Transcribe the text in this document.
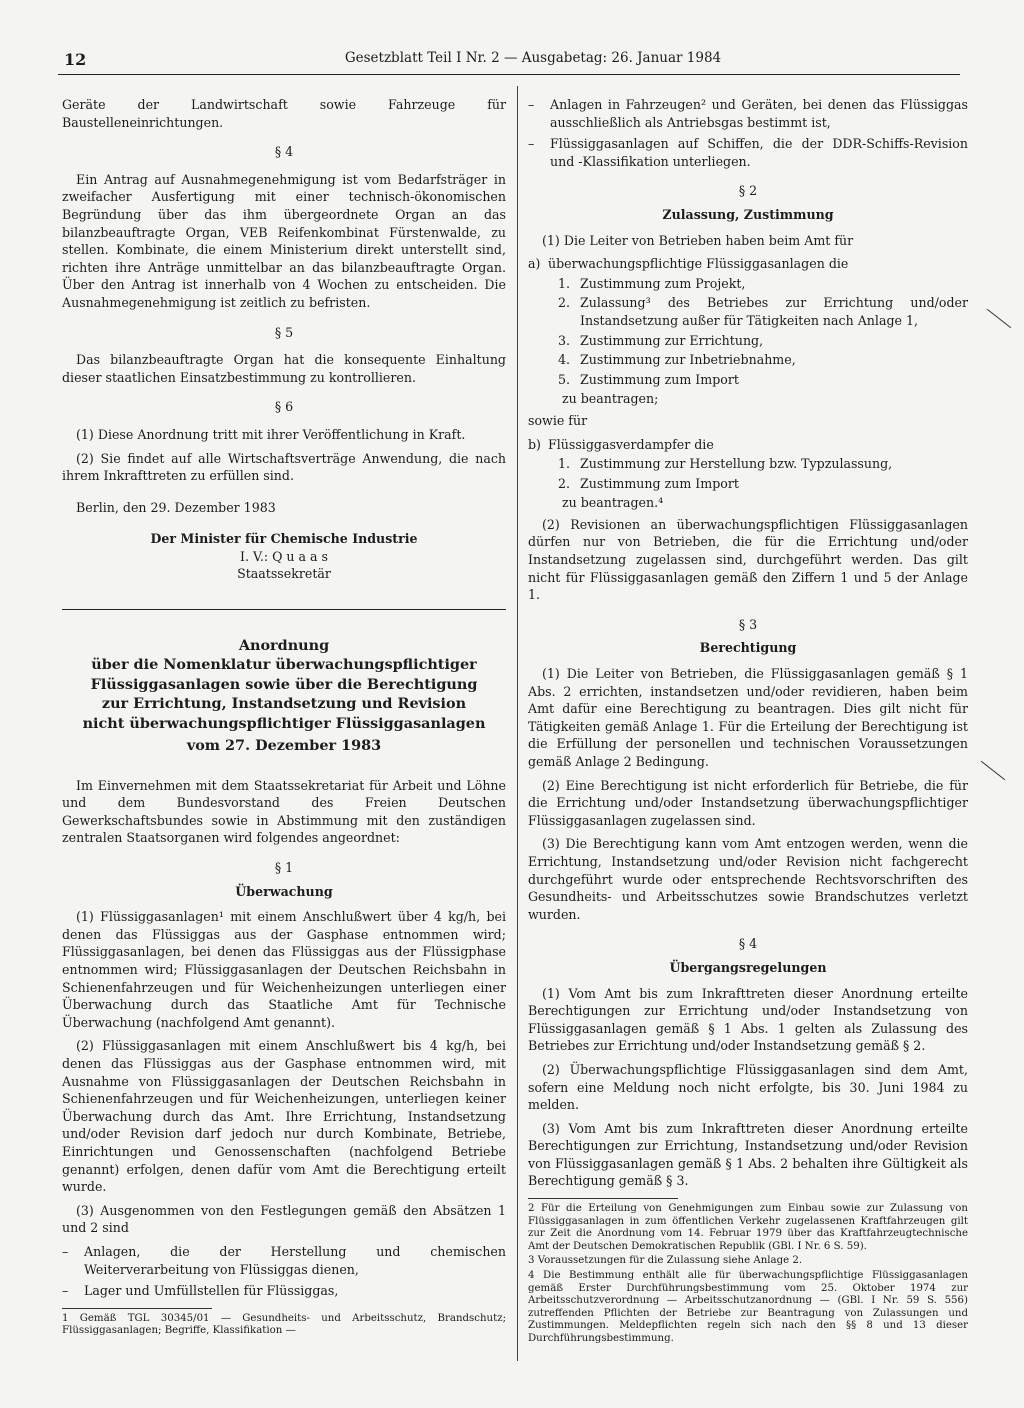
12	Gesetzblatt Teil I Nr. 2 — Ausgabetag: 26. Januar 1984

Geräte der Landwirtschaft sowie Fahrzeuge für Baustelleneinrichtungen.

§ 4

Ein Antrag auf Ausnahmegenehmigung ist vom Bedarfsträger in zweifacher Ausfertigung mit einer technisch-ökonomischen Begründung über das ihm übergeordnete Organ an das bilanzbeauftragte Organ, VEB Reifenkombinat Fürstenwalde, zu stellen. Kombinate, die einem Ministerium direkt unterstellt sind, richten ihre Anträge unmittelbar an das bilanzbeauftragte Organ. Über den Antrag ist innerhalb von 4 Wochen zu entscheiden. Die Ausnahmegenehmigung ist zeitlich zu befristen.

§ 5

Das bilanzbeauftragte Organ hat die konsequente Einhaltung dieser staatlichen Einsatzbestimmung zu kontrollieren.

§ 6

(1) Diese Anordnung tritt mit ihrer Veröffentlichung in Kraft.

(2) Sie findet auf alle Wirtschaftsverträge Anwendung, die nach ihrem Inkrafttreten zu erfüllen sind.

Berlin, den 29. Dezember 1983

Der Minister für Chemische Industrie

I. V.: Q u a a s

Staatssekretär

Anordnung

über die Nomenklatur überwachungspflichtiger

Flüssiggasanlagen sowie über die Berechtigung

zur Errichtung, Instandsetzung und Revision

nicht überwachungspflichtiger Flüssiggasanlagen

vom 27. Dezember 1983

Im Einvernehmen mit dem Staatssekretariat für Arbeit und Löhne und dem Bundesvorstand des Freien Deutschen Gewerkschaftsbundes sowie in Abstimmung mit den zuständigen zentralen Staatsorganen wird folgendes angeordnet:

§ 1

Überwachung

(1) Flüssiggasanlagen¹ mit einem Anschlußwert über 4 kg/h, bei denen das Flüssiggas aus der Gasphase entnommen wird; Flüssiggasanlagen, bei denen das Flüssiggas aus der Flüssigphase entnommen wird; Flüssiggasanlagen der Deutschen Reichsbahn in Schienenfahrzeugen und für Weichenheizungen unterliegen einer Überwachung durch das Staatliche Amt für Technische Überwachung (nachfolgend Amt genannt).

(2) Flüssiggasanlagen mit einem Anschlußwert bis 4 kg/h, bei denen das Flüssiggas aus der Gasphase entnommen wird, mit Ausnahme von Flüssiggasanlagen der Deutschen Reichsbahn in Schienenfahrzeugen und für Weichenheizungen, unterliegen keiner Überwachung durch das Amt. Ihre Errichtung, Instandsetzung und/oder Revision darf jedoch nur durch Kombinate, Betriebe, Einrichtungen und Genossenschaften (nachfolgend Betriebe genannt) erfolgen, denen dafür vom Amt die Berechtigung erteilt wurde.

(3) Ausgenommen von den Festlegungen gemäß den Absätzen 1 und 2 sind

–	Anlagen, die der Herstellung und chemischen Weiterverarbeitung von Flüssiggas dienen,
–	Lager und Umfüllstellen für Flüssiggas,

1 Gemäß TGL 30345/01 — Gesundheits- und Arbeitsschutz, Brandschutz; Flüssiggasanlagen; Begriffe, Klassifikation —

–	Anlagen in Fahrzeugen² und Geräten, bei denen das Flüssiggas ausschließlich als Antriebsgas bestimmt ist,
–	Flüssiggasanlagen auf Schiffen, die der DDR-Schiffs-Revision und -Klassifikation unterliegen.

§ 2

Zulassung, Zustimmung

(1) Die Leiter von Betrieben haben beim Amt für

a) überwachungspflichtige Flüssiggasanlagen die
1. Zustimmung zum Projekt,
2. Zulassung³ des Betriebes zur Errichtung und/oder Instandsetzung außer für Tätigkeiten nach Anlage 1,
3. Zustimmung zur Errichtung,
4. Zustimmung zur Inbetriebnahme,
5. Zustimmung zum Import

zu beantragen;

sowie für

b) Flüssiggasverdampfer die
1. Zustimmung zur Herstellung bzw. Typzulassung,
2. Zustimmung zum Import

zu beantragen.⁴

(2) Revisionen an überwachungspflichtigen Flüssiggasanlagen dürfen nur von Betrieben, die für die Errichtung und/oder Instandsetzung zugelassen sind, durchgeführt werden. Das gilt nicht für Flüssiggasanlagen gemäß den Ziffern 1 und 5 der Anlage 1.

§ 3

Berechtigung

(1) Die Leiter von Betrieben, die Flüssiggasanlagen gemäß § 1 Abs. 2 errichten, instandsetzen und/oder revidieren, haben beim Amt dafür eine Berechtigung zu beantragen. Dies gilt nicht für Tätigkeiten gemäß Anlage 1. Für die Erteilung der Berechtigung ist die Erfüllung der personellen und technischen Voraussetzungen gemäß Anlage 2 Bedingung.

(2) Eine Berechtigung ist nicht erforderlich für Betriebe, die für die Errichtung und/oder Instandsetzung überwachungspflichtiger Flüssiggasanlagen zugelassen sind.

(3) Die Berechtigung kann vom Amt entzogen werden, wenn die Errichtung, Instandsetzung und/oder Revision nicht fachgerecht durchgeführt wurde oder entsprechende Rechtsvorschriften des Gesundheits- und Arbeitsschutzes sowie Brandschutzes verletzt wurden.

§ 4

Übergangsregelungen

(1) Vom Amt bis zum Inkrafttreten dieser Anordnung erteilte Berechtigungen zur Errichtung und/oder Instandsetzung von Flüssiggasanlagen gemäß § 1 Abs. 1 gelten als Zulassung des Betriebes zur Errichtung und/oder Instandsetzung gemäß § 2.

(2) Überwachungspflichtige Flüssiggasanlagen sind dem Amt, sofern eine Meldung noch nicht erfolgte, bis 30. Juni 1984 zu melden.

(3) Vom Amt bis zum Inkrafttreten dieser Anordnung erteilte Berechtigungen zur Errichtung, Instandsetzung und/oder Revision von Flüssiggasanlagen gemäß § 1 Abs. 2 behalten ihre Gültigkeit als Berechtigung gemäß § 3.

2 Für die Erteilung von Genehmigungen zum Einbau sowie zur Zulassung von Flüssiggasanlagen in zum öffentlichen Verkehr zugelassenen Kraftfahrzeugen gilt zur Zeit die Anordnung vom 14. Februar 1979 über das Kraftfahrzeugtechnische Amt der Deutschen Demokratischen Republik (GBl. I Nr. 6 S. 59).

3 Voraussetzungen für die Zulassung siehe Anlage 2.

4 Die Bestimmung enthält alle für überwachungspflichtige Flüssiggasanlagen gemäß Erster Durchführungsbestimmung vom 25. Oktober 1974 zur Arbeitsschutzverordnung — Arbeitsschutzanordnung — (GBl. I Nr. 59 S. 556) zutreffenden Pflichten der Betriebe zur Beantragung von Zulassungen und Zustimmungen. Meldepflichten regeln sich nach den §§ 8 und 13 dieser Durchführungsbestimmung.
